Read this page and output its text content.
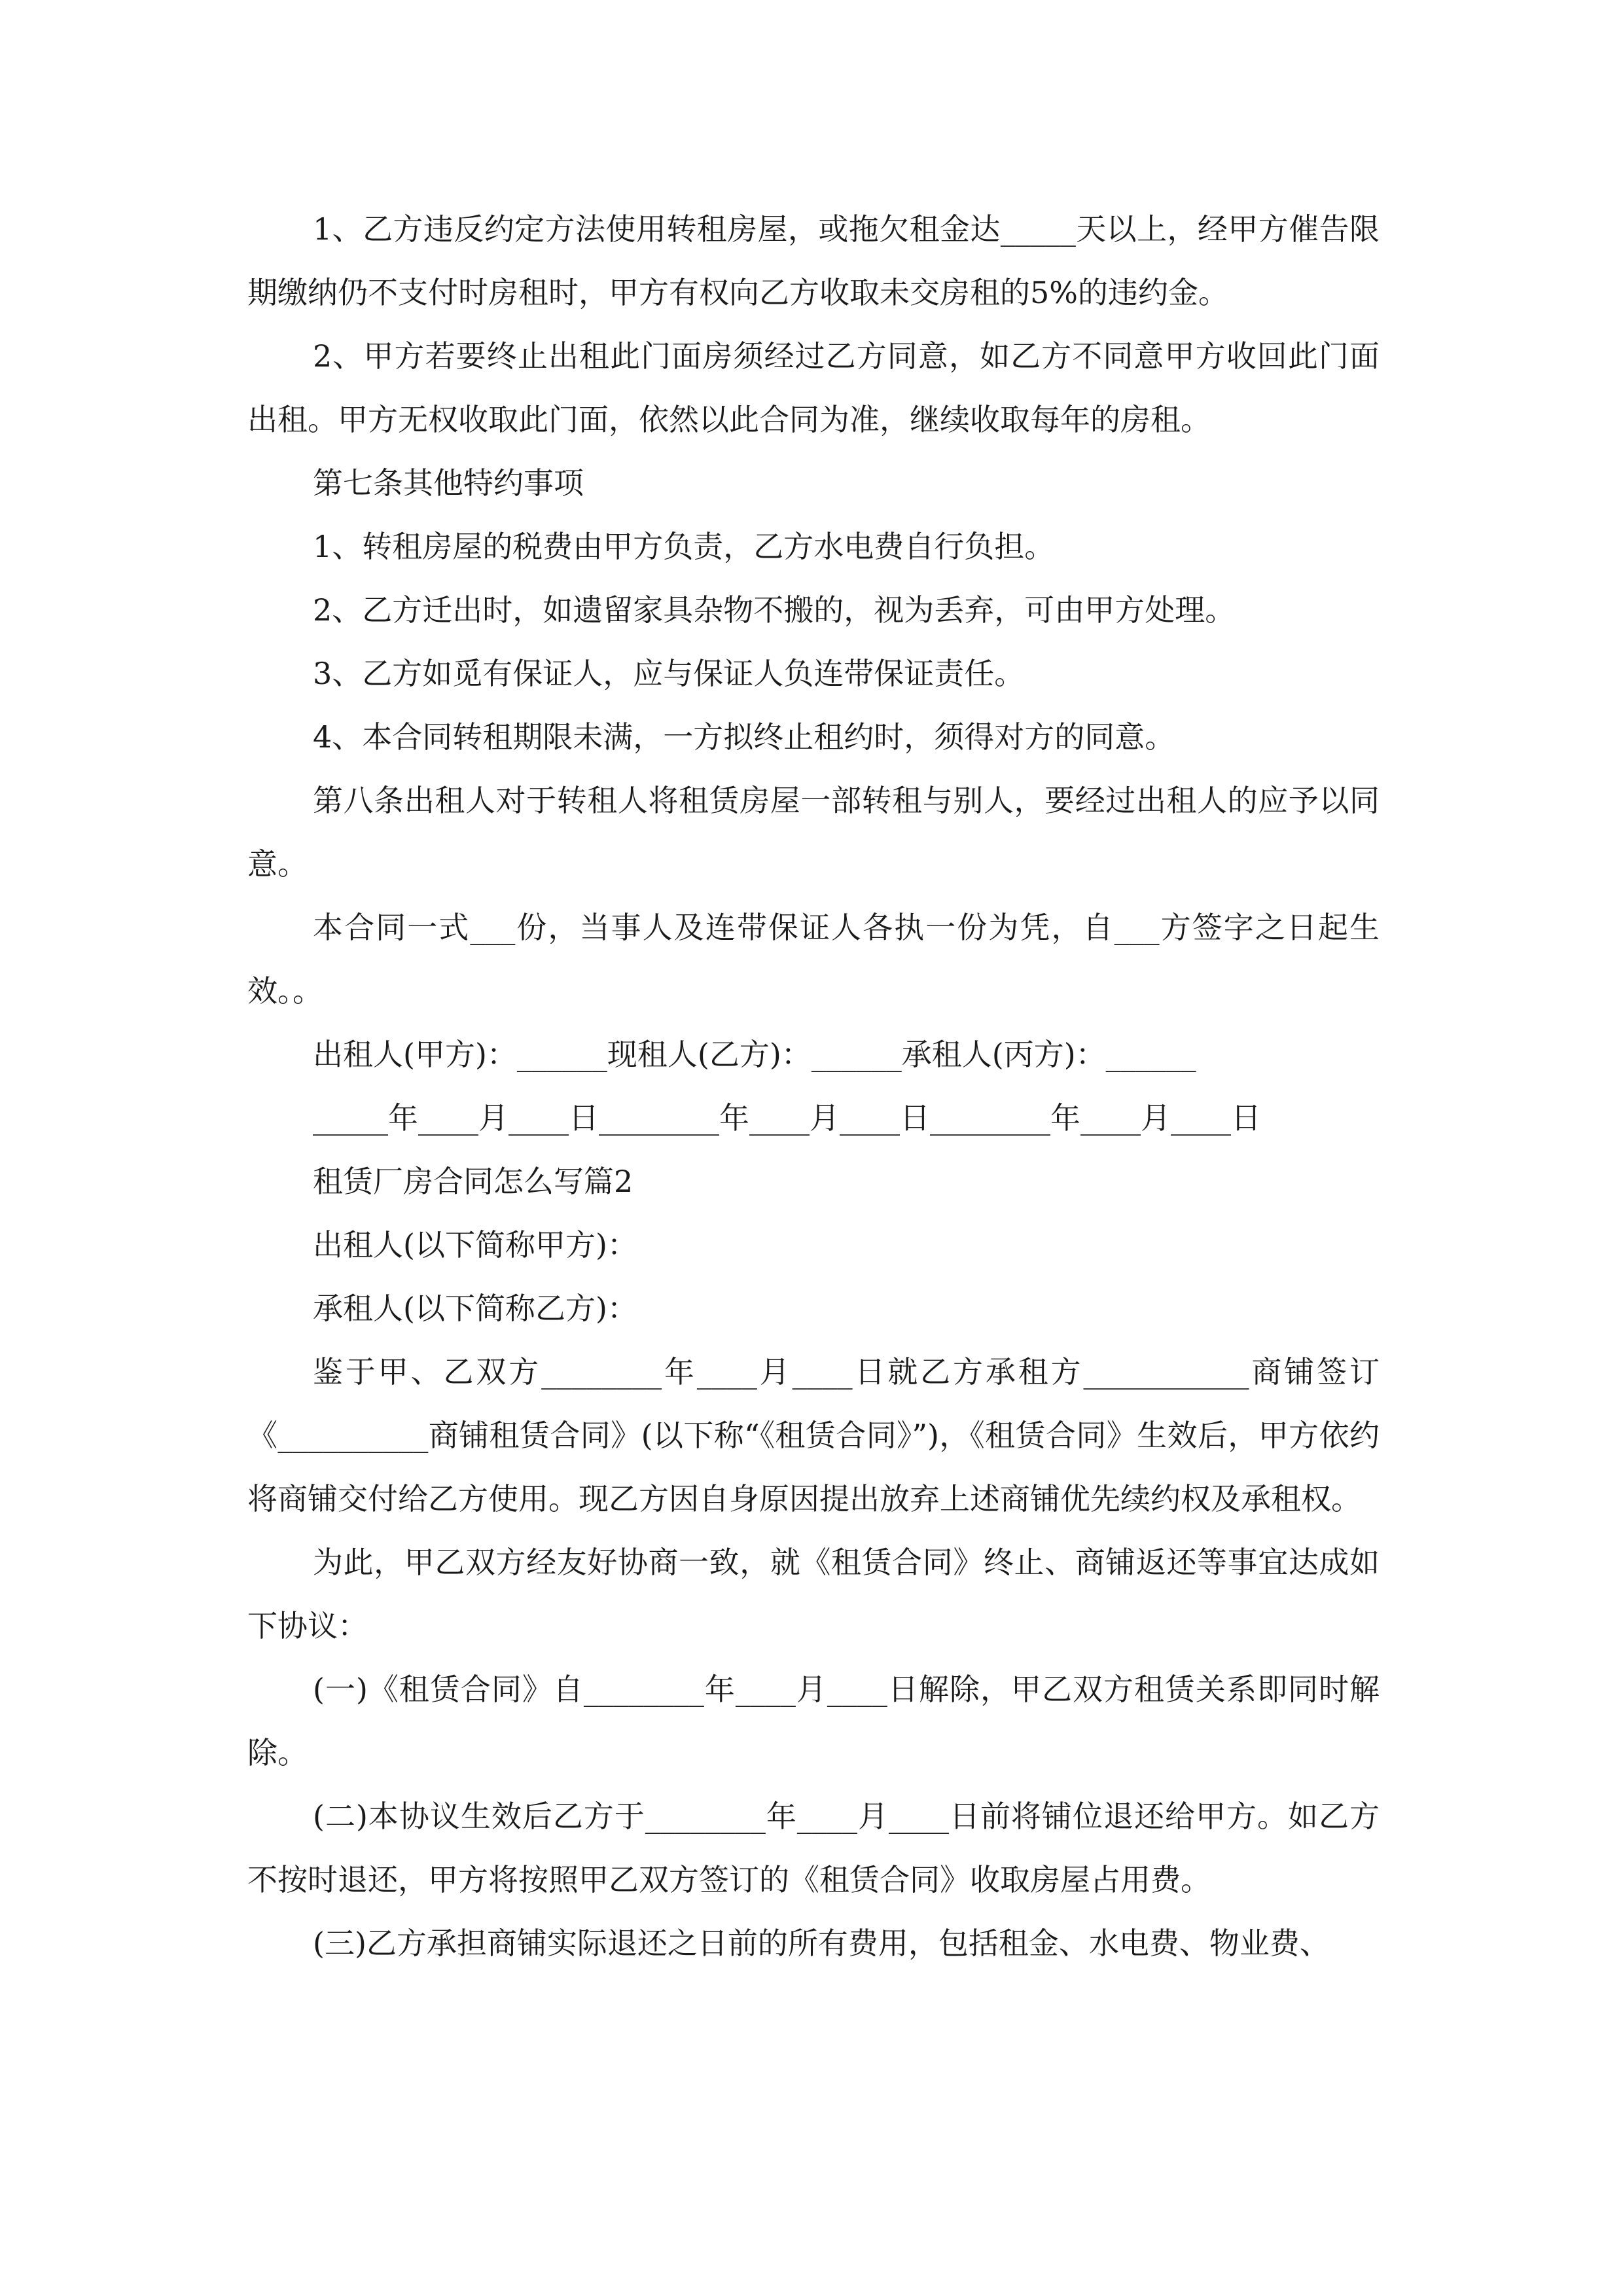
1、乙方违反约定方法使用转租房屋，或拖欠租金达_____天以上，经甲方催告限期缴纳仍不支付时房租时，甲方有权向乙方收取未交房租的5%的违约金。

2、甲方若要终止出租此门面房须经过乙方同意，如乙方不同意甲方收回此门面出租。甲方无权收取此门面，依然以此合同为准，继续收取每年的房租。

第七条其他特约事项

1、转租房屋的税费由甲方负责，乙方水电费自行负担。

2、乙方迁出时，如遗留家具杂物不搬的，视为丢弃，可由甲方处理。

3、乙方如觅有保证人，应与保证人负连带保证责任。

4、本合同转租期限未满，一方拟终止租约时，须得对方的同意。

第八条出租人对于转租人将租赁房屋一部转租与别人，要经过出租人的应予以同意。

本合同一式___份，当事人及连带保证人各执一份为凭，自___方签字之日起生效。。

出租人(甲方)：______现租人(乙方)：______承租人(丙方)：______

_____年____月____日________年____月____日________年____月____日

租赁厂房合同怎么写篇2

出租人(以下简称甲方)：

承租人(以下简称乙方)：

鉴于甲、乙双方________年____月____日就乙方承租方___________商铺签订《__________商铺租赁合同》(以下称“《租赁合同》”)，《租赁合同》生效后，甲方依约将商铺交付给乙方使用。现乙方因自身原因提出放弃上述商铺优先续约权及承租权。

为此，甲乙双方经友好协商一致，就《租赁合同》终止、商铺返还等事宜达成如下协议：

(一)《租赁合同》自________年____月____日解除，甲乙双方租赁关系即同时解除。

(二)本协议生效后乙方于________年____月____日前将铺位退还给甲方。如乙方不按时退还，甲方将按照甲乙双方签订的《租赁合同》收取房屋占用费。

(三)乙方承担商铺实际退还之日前的所有费用，包括租金、水电费、物业费、
